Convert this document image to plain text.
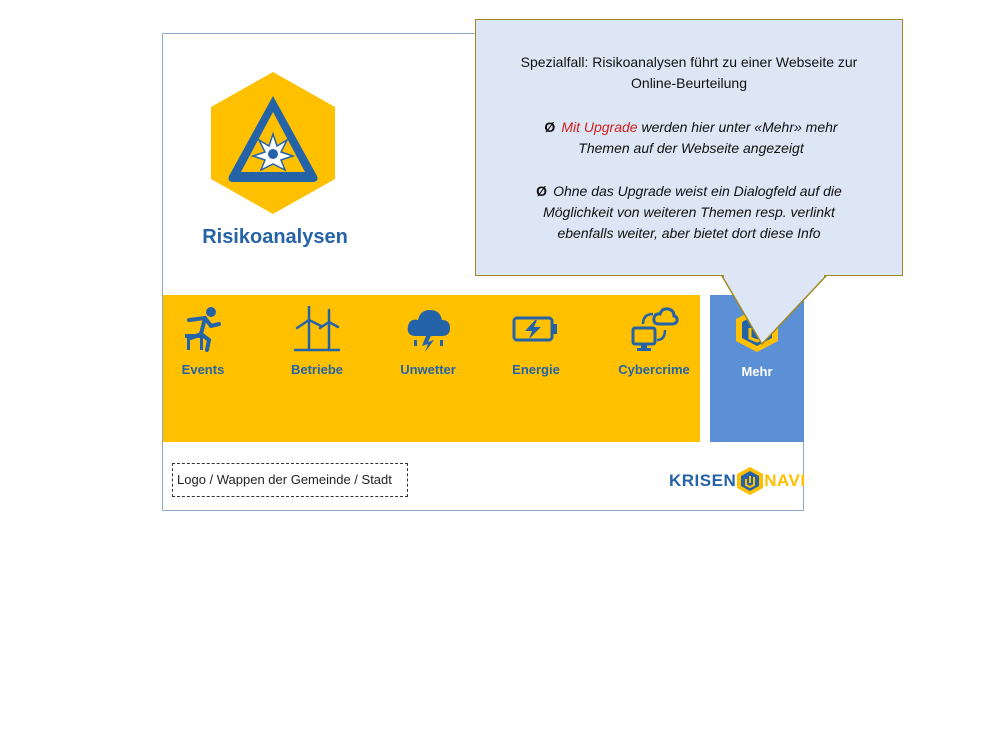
Risikoanalysen
Events	Betriebe	Unwetter	Energie	Cybercrime	Mehr
Logo / Wappen der Gemeinde / Stadt	KRISEN NAVI
Spezialfall: Risikoanalysen führt zu einer Webseite zur
Online-Beurteilung
Ø Mit Upgrade werden hier unter «Mehr» mehr
Themen auf der Webseite angezeigt
Ø Ohne das Upgrade weist ein Dialogfeld auf die
Möglichkeit von weiteren Themen resp. verlinkt
ebenfalls weiter, aber bietet dort diese Info
